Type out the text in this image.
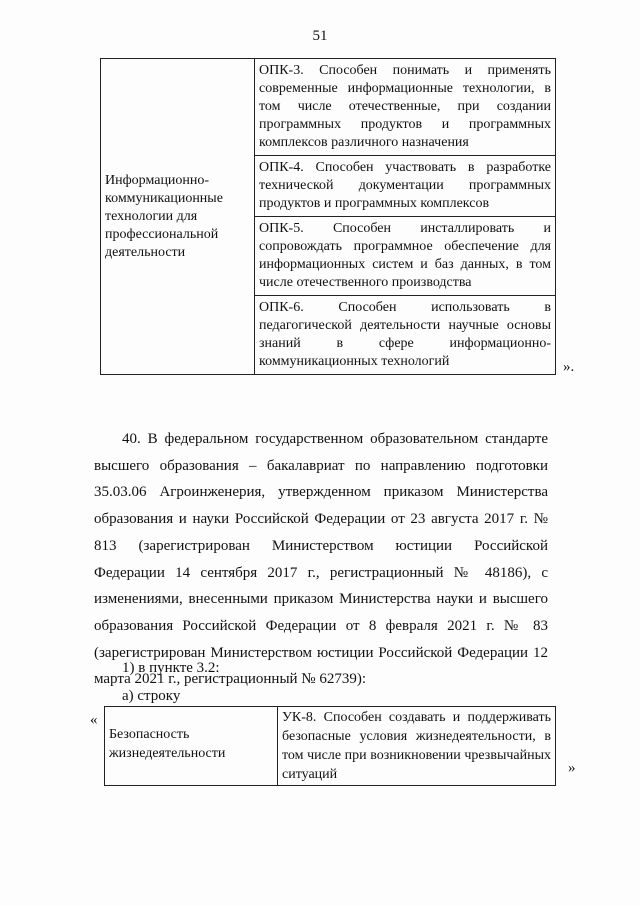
51
Информационно-коммуникационные технологии для профессиональной деятельности	ОПК-3. Способен понимать и применять современные информационные технологии, в том числе отечественные, при создании программных продуктов и программных комплексов различного назначения
ОПК-4. Способен участвовать в разработке технической документации программных продуктов и программных комплексов
ОПК-5. Способен инсталлировать и сопровождать программное обеспечение для информационных систем и баз данных, в том числе отечественного производства
ОПК-6. Способен использовать в педагогической деятельности научные основы знаний в сфере информационно-коммуникационных технологий	».
40. В федеральном государственном образовательном стандарте высшего образования – бакалавриат по направлению подготовки 35.03.06 Агроинженерия, утвержденном приказом Министерства образования и науки Российской Федерации от 23 августа 2017 г. № 813 (зарегистрирован Министерством юстиции Российской Федерации 14 сентября 2017 г., регистрационный № 48186), с изменениями, внесенными приказом Министерства науки и высшего образования Российской Федерации от 8 февраля 2021 г. № 83 (зарегистрирован Министерством юстиции Российской Федерации 12 марта 2021 г., регистрационный № 62739):
1) в пункте 3.2:
а) строку
«
Безопасность жизнедеятельности	УК-8. Способен создавать и поддерживать безопасные условия жизнедеятельности, в том числе при возникновении чрезвычайных ситуаций	»
